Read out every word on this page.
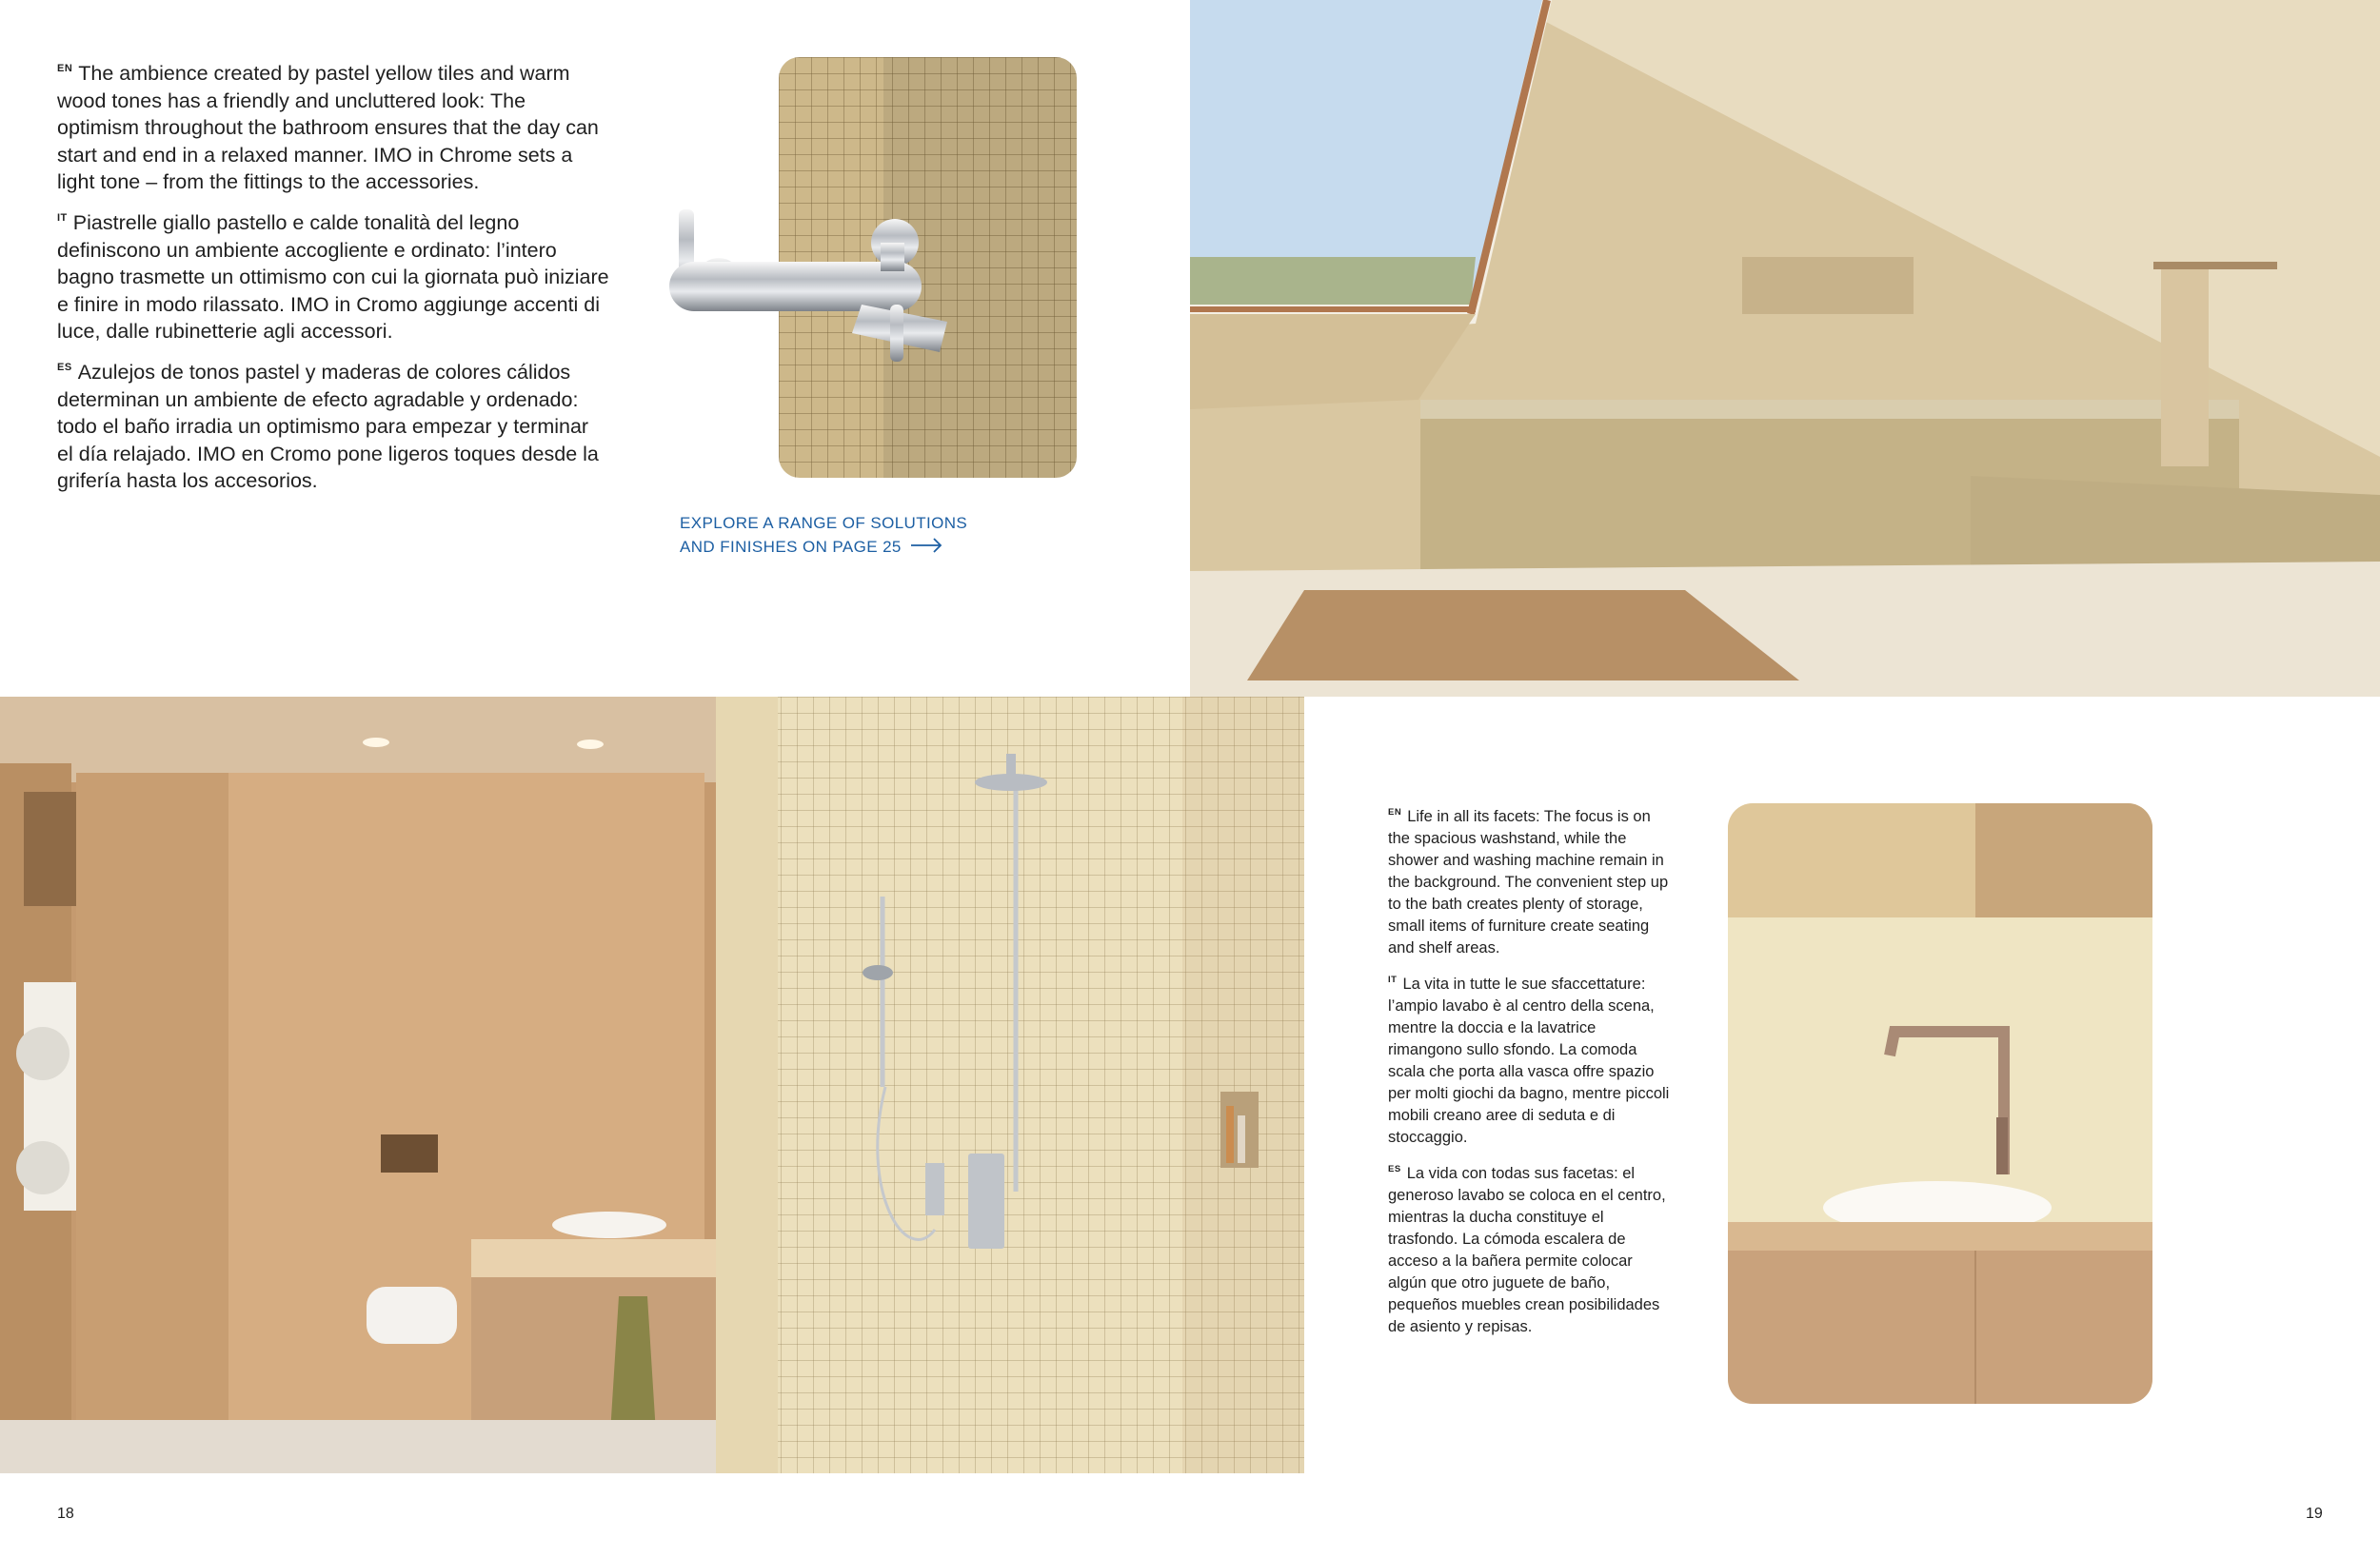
$^{EN}$ The ambience created by pastel yellow tiles and warm wood tones has a friendly and uncluttered look: The optimism throughout the bathroom ensures that the day can start and end in a relaxed manner. IMO in Chrome sets a light tone – from the fittings to the accessories.

$^{IT}$ Piastrelle giallo pastello e calde tonalità del legno definiscono un ambiente accogliente e ordinato: l’intero bagno trasmette un ottimismo con cui la giornata può iniziare e finire in modo rilassato. IMO in Cromo aggiunge accenti di luce, dalle rubinetterie agli accessori.

$^{ES}$ Azulejos de tonos pastel y maderas de colores cálidos determinan un ambiente de efecto agradable y ordenado: todo el baño irradia un optimismo para empezar y terminar el día relajado. IMO en Cromo pone ligeros toques desde la grifería hasta los accesorios.

EXPLORE A RANGE OF SOLUTIONS
AND FINISHES ON PAGE 25

$^{EN}$ Life in all its facets: The focus is on the spacious washstand, while the shower and washing machine remain in the background. The convenient step up to the bath creates plenty of storage, small items of furniture create seating and shelf areas.

$^{IT}$ La vita in tutte le sue sfaccettature: l’ampio lavabo è al centro della scena, mentre la doccia e la lavatrice rimangono sullo sfondo. La comoda scala che porta alla vasca offre spazio per molti giochi da bagno, mentre piccoli mobili creano aree di seduta e di stoccaggio.

$^{ES}$ La vida con todas sus facetas: el generoso lavabo se coloca en el centro, mientras la ducha constituye el trasfondo. La cómoda escalera de acceso a la bañera permite colocar algún que otro juguete de baño, pequeños muebles crean posibilidades de asiento y repisas.

18	19
